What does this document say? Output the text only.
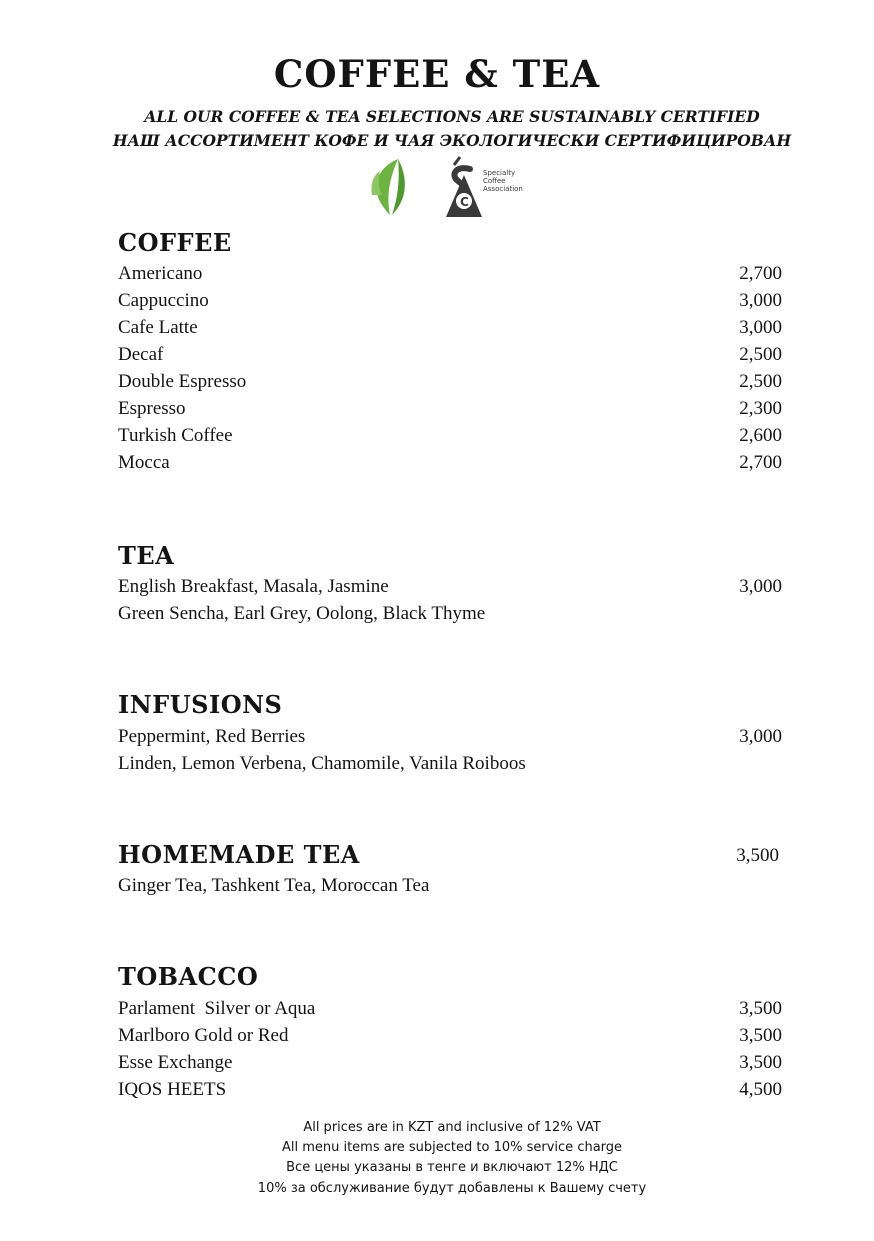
COFFEE & TEA
ALL OUR COFFEE & TEA SELECTIONS ARE SUSTAINABLY CERTIFIED
НАШ АССОРТИМЕНТ КОФЕ И ЧАЯ ЭКОЛОГИЧЕСКИ СЕРТИФИЦИРОВАН
C
Specialty
Coffee
Association
COFFEE
Americano	2,700
Cappuccino	3,000
Cafe Latte	3,000
Decaf	2,500
Double Espresso	2,500
Espresso	2,300
Turkish Coffee	2,600
Mocca	2,700
TEA
English Breakfast, Masala, Jasmine	3,000
Green Sencha, Earl Grey, Oolong, Black Thyme
INFUSIONS
Peppermint, Red Berries	3,000
Linden, Lemon Verbena, Chamomile, Vanila Roiboos
HOMEMADE TEA	3,500
Ginger Tea, Tashkent Tea, Moroccan Tea
TOBACCO
Parlament  Silver or Aqua	3,500
Marlboro Gold or Red	3,500
Esse Exchange	3,500
IQOS HEETS	4,500
All prices are in KZT and inclusive of 12% VAT
All menu items are subjected to 10% service charge
Все цены указаны в тенге и включают 12% НДС
10% за обслуживание будут добавлены к Вашему счету
